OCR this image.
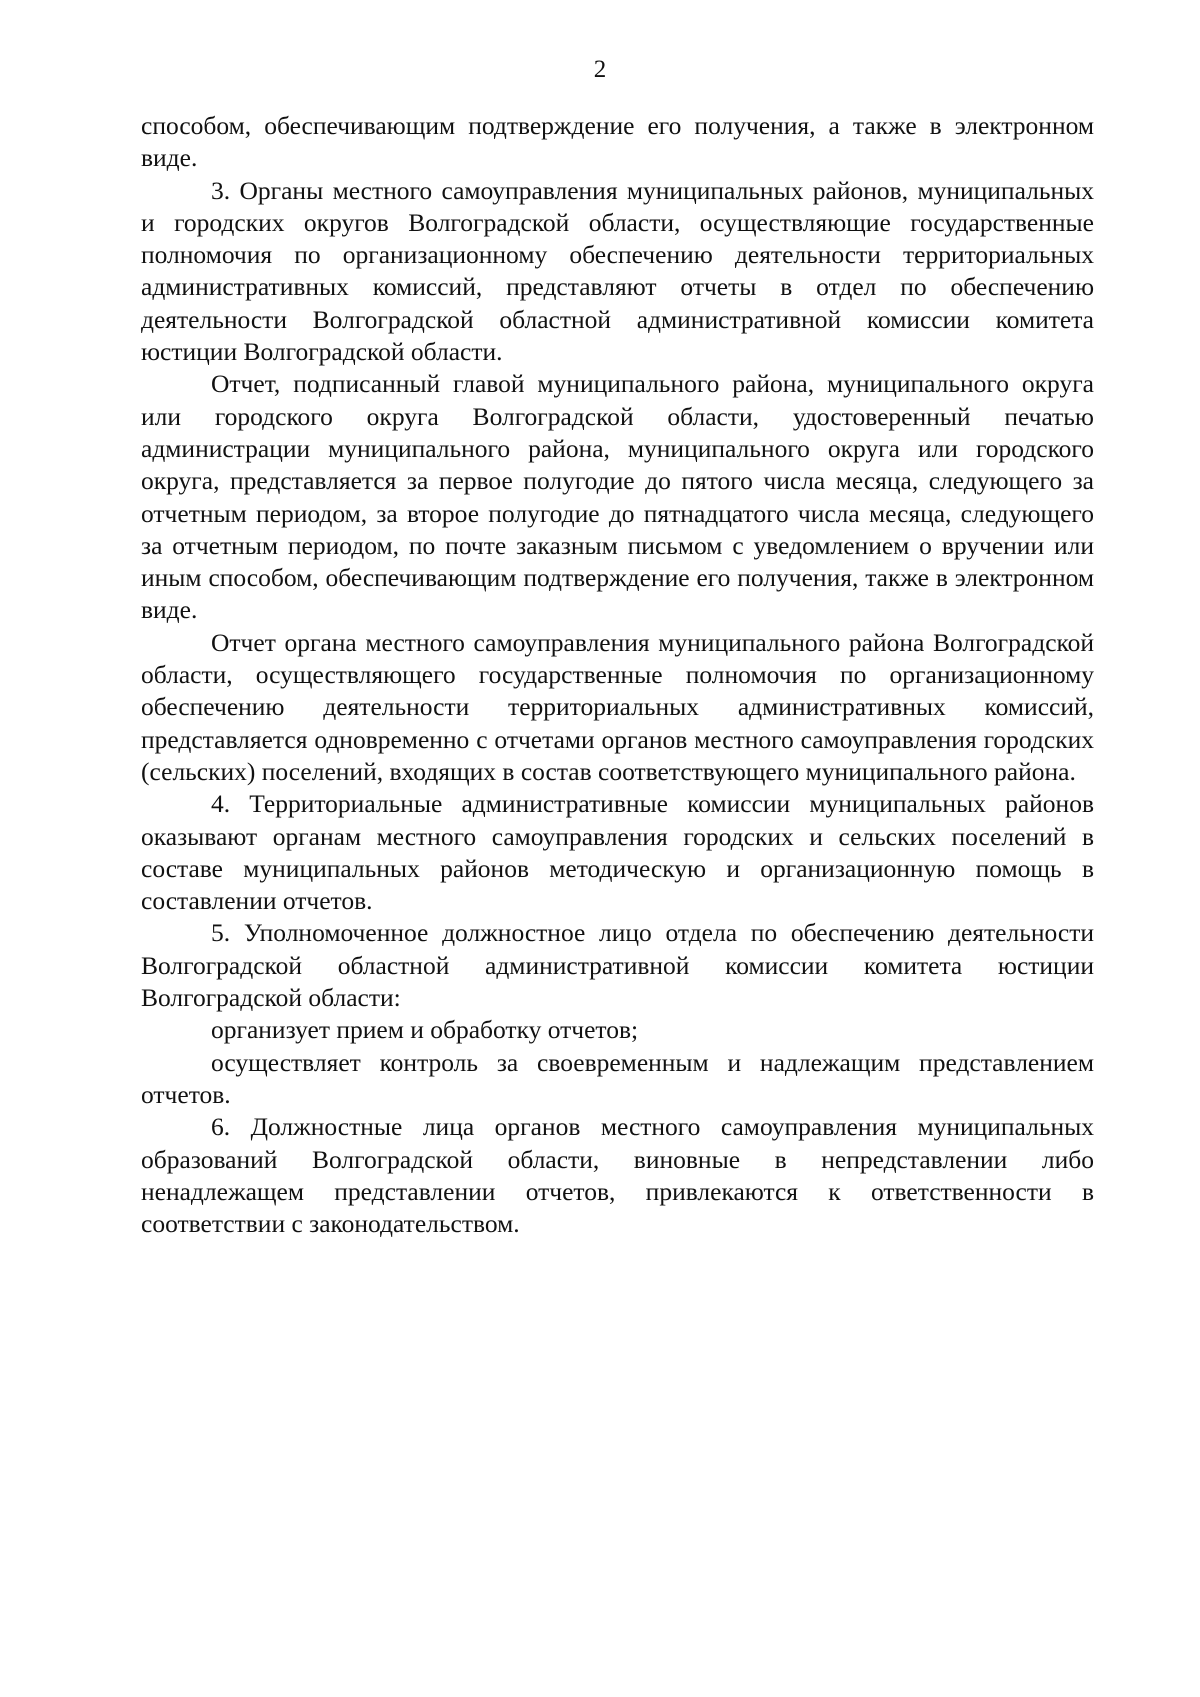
2

способом, обеспечивающим подтверждение его получения, а также в электронном виде.

3. Органы местного самоуправления муниципальных районов, муниципальных и городских округов Волгоградской области, осуществляющие государственные полномочия по организационному обеспечению деятельности территориальных административных комиссий, представляют отчеты в отдел по обеспечению деятельности Волгоградской областной административной комиссии комитета юстиции Волгоградской области.

Отчет, подписанный главой муниципального района, муниципального округа или городского округа Волгоградской области, удостоверенный печатью администрации муниципального района, муниципального округа или городского округа, представляется за первое полугодие до пятого числа месяца, следующего за отчетным периодом, за второе полугодие до пятнадцатого числа месяца, следующего за отчетным периодом, по почте заказным письмом с уведомлением о вручении или иным способом, обеспечивающим подтверждение его получения, также в электронном виде.

Отчет органа местного самоуправления муниципального района Волгоградской области, осуществляющего государственные полномочия по организационному обеспечению деятельности территориальных административных комиссий, представляется одновременно с отчетами органов местного самоуправления городских (сельских) поселений, входящих в состав соответствующего муниципального района.

4. Территориальные административные комиссии муниципальных районов оказывают органам местного самоуправления городских и сельских поселений в составе муниципальных районов методическую и организационную помощь в составлении отчетов.

5. Уполномоченное должностное лицо отдела по обеспечению деятельности Волгоградской областной административной комиссии комитета юстиции Волгоградской области:

организует прием и обработку отчетов;

осуществляет контроль за своевременным и надлежащим представлением отчетов.

6. Должностные лица органов местного самоуправления муниципальных образований Волгоградской области, виновные в непредставлении либо ненадлежащем представлении отчетов, привлекаются к ответственности в соответствии с законодательством.
